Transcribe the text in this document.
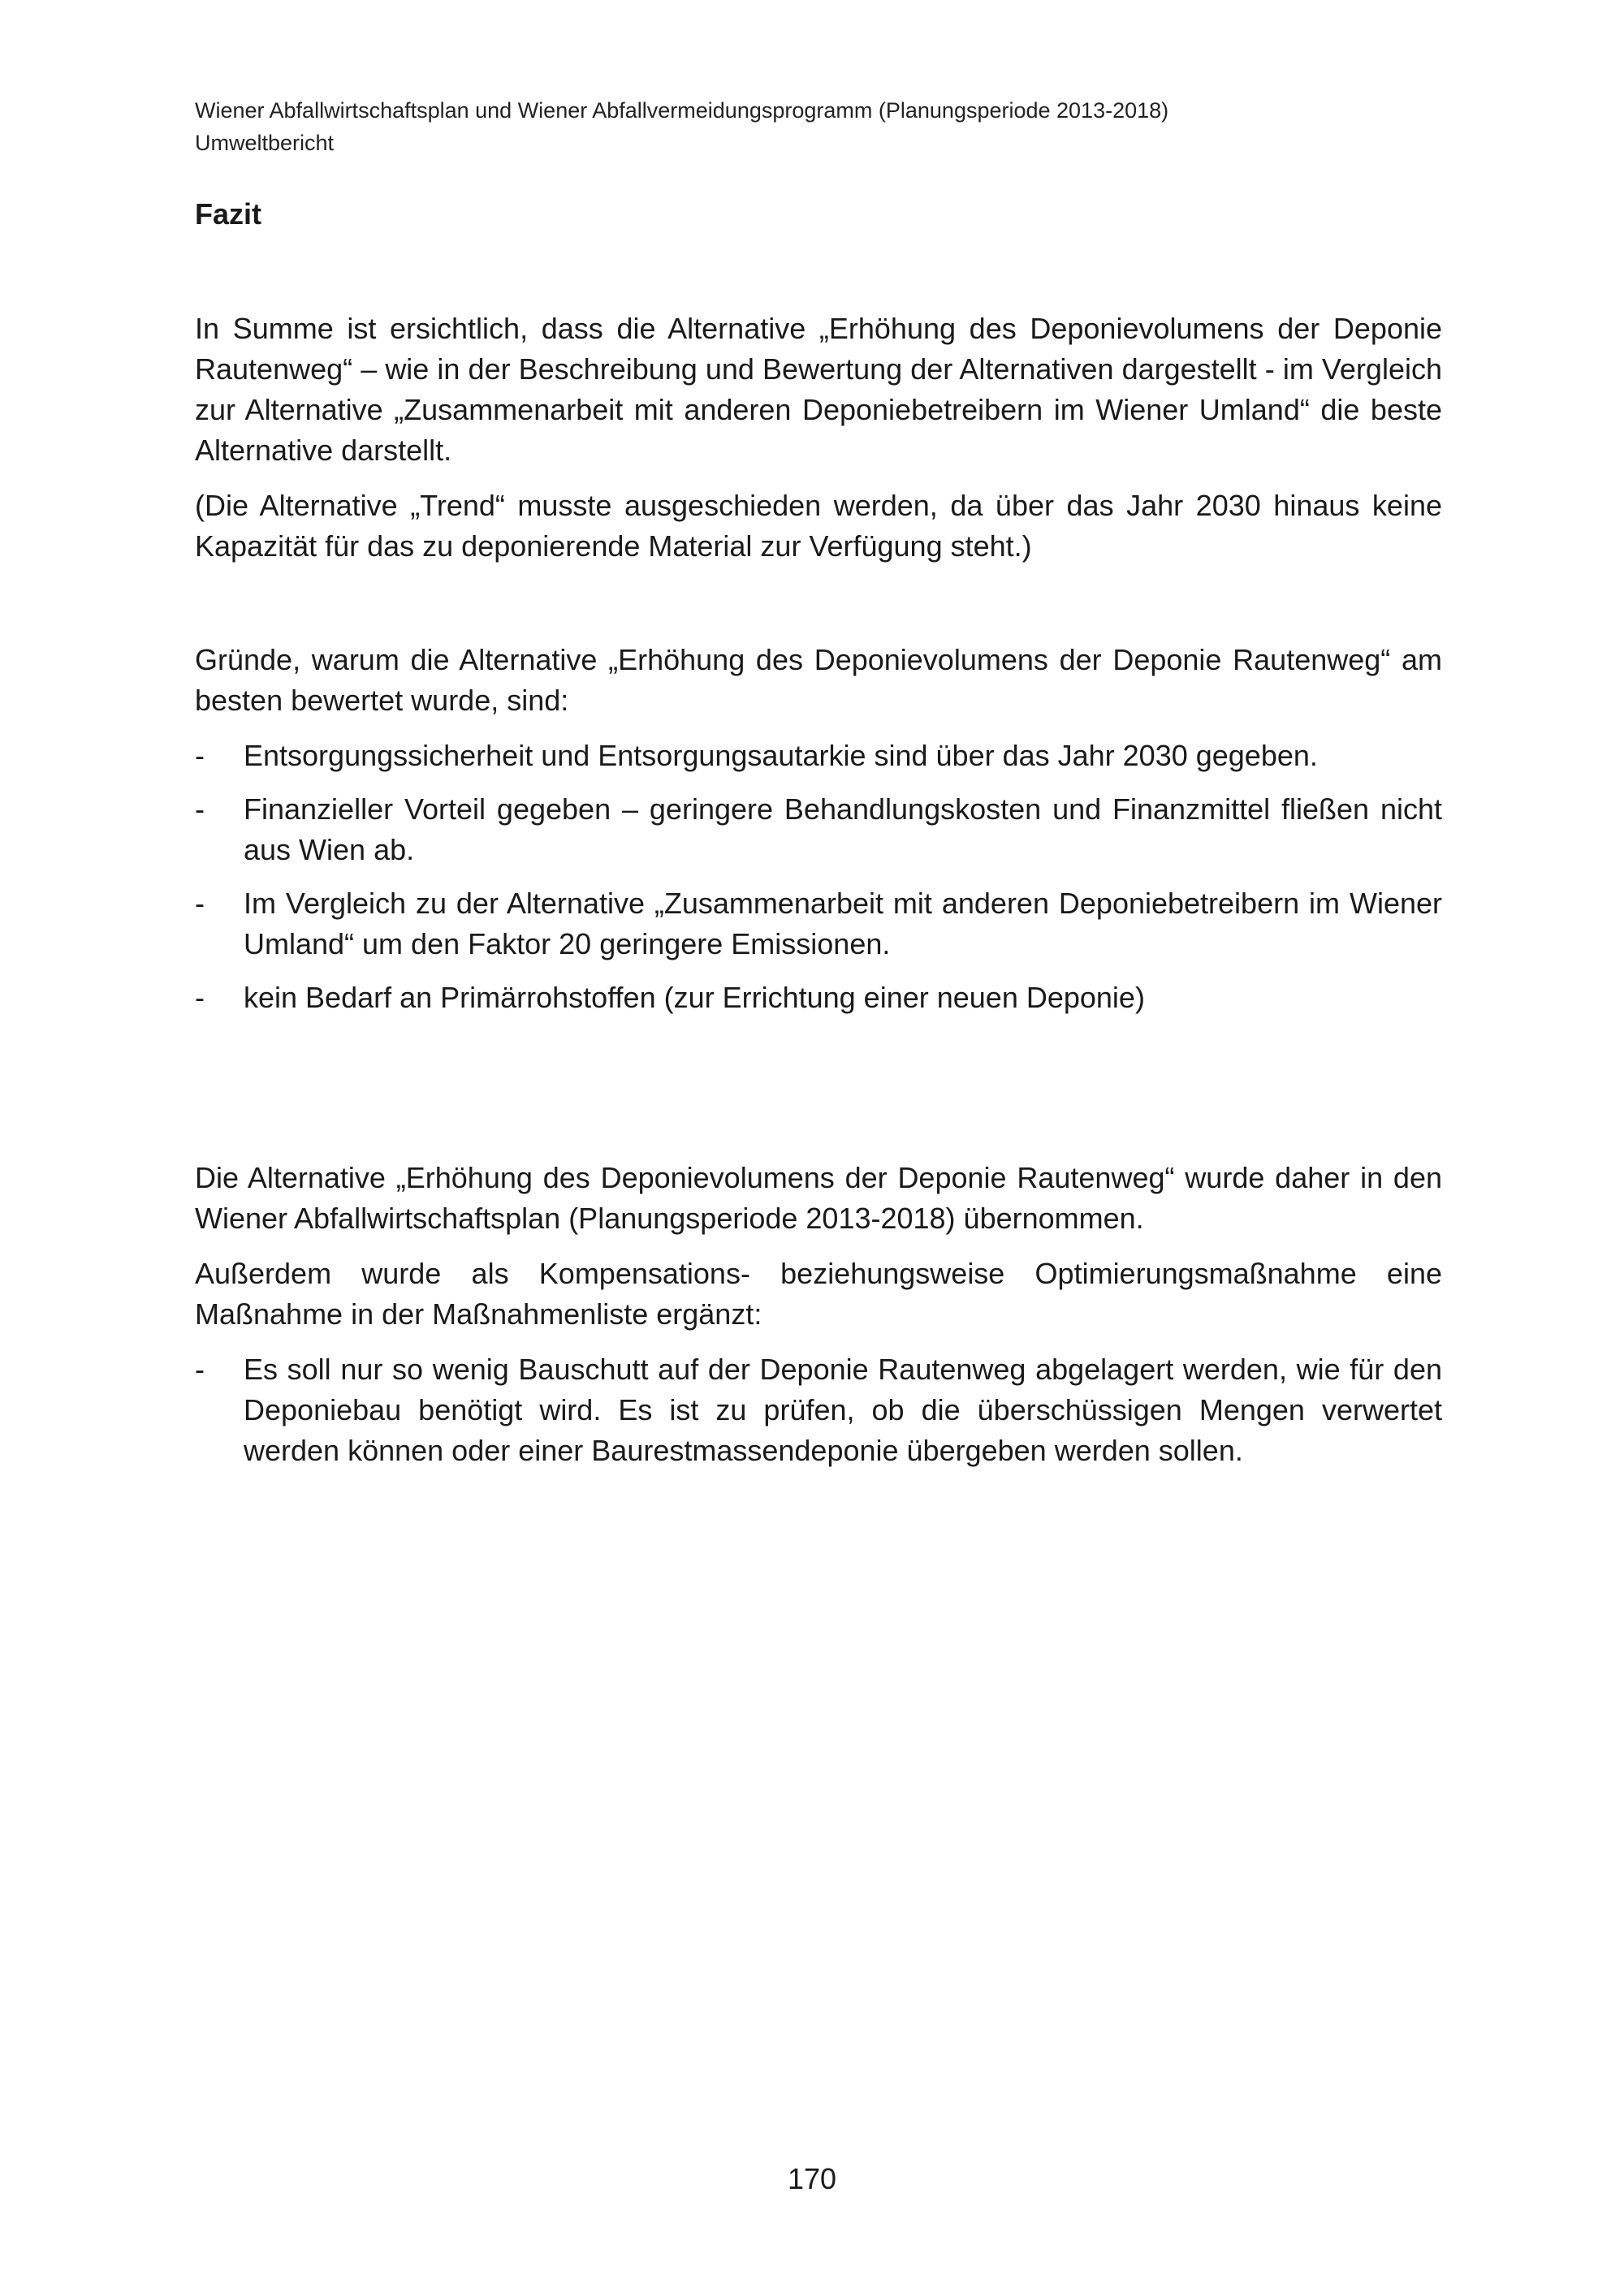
Wiener Abfallwirtschaftsplan und Wiener Abfallvermeidungsprogramm (Planungsperiode 2013-2018)
Umweltbericht
Fazit

In Summe ist ersichtlich, dass die Alternative „Erhöhung des Deponievolumens der Deponie Rautenweg“ – wie in der Beschreibung und Bewertung der Alternativen dargestellt - im Vergleich zur Alternative „Zusammenarbeit mit anderen Deponiebetreibern im Wiener Umland“ die beste Alternative darstellt.

(Die Alternative „Trend“ musste ausgeschieden werden, da über das Jahr 2030 hinaus keine Kapazität für das zu deponierende Material zur Verfügung steht.)

Gründe, warum die Alternative „Erhöhung des Deponievolumens der Deponie Rautenweg“ am besten bewertet wurde, sind:

- Entsorgungssicherheit und Entsorgungsautarkie sind über das Jahr 2030 gegeben.
- Finanzieller Vorteil gegeben – geringere Behandlungskosten und Finanzmittel fließen nicht aus Wien ab.
- Im Vergleich zu der Alternative „Zusammenarbeit mit anderen Deponiebetreibern im Wiener Umland“ um den Faktor 20 geringere Emissionen.
- kein Bedarf an Primärrohstoffen (zur Errichtung einer neuen Deponie)

Die Alternative „Erhöhung des Deponievolumens der Deponie Rautenweg“ wurde daher in den Wiener Abfallwirtschaftsplan (Planungsperiode 2013-2018) übernommen.

Außerdem wurde als Kompensations- beziehungsweise Optimierungsmaßnahme eine Maßnahme in der Maßnahmenliste ergänzt:

- Es soll nur so wenig Bauschutt auf der Deponie Rautenweg abgelagert werden, wie für den Deponiebau benötigt wird. Es ist zu prüfen, ob die überschüssigen Mengen verwertet werden können oder einer Baurestmassendeponie übergeben werden sollen.
170
